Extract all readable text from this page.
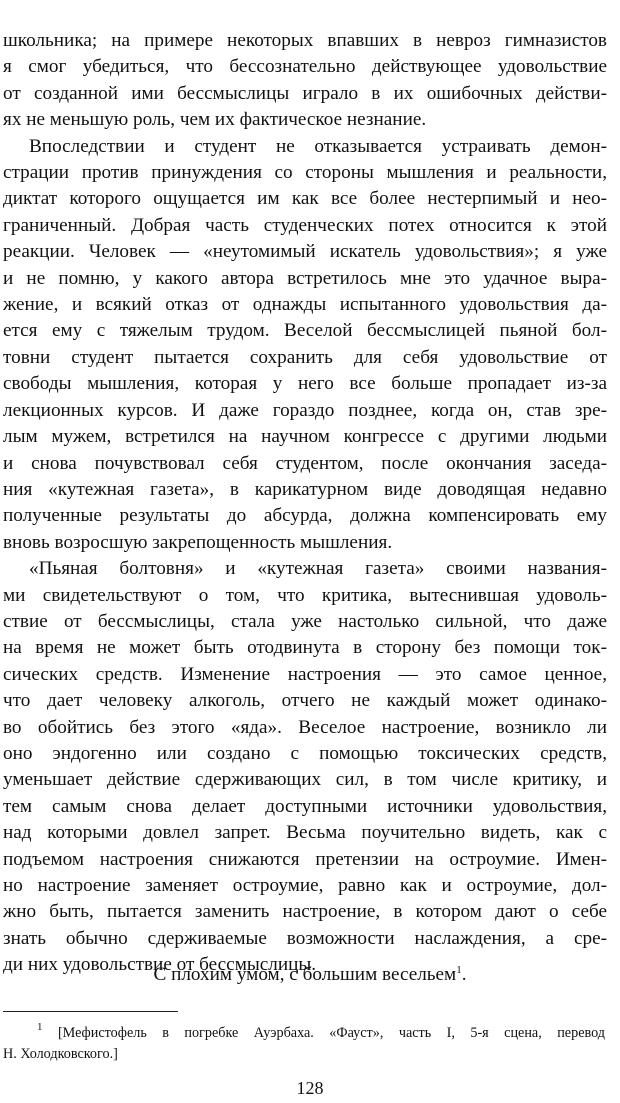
школьника; на примере некоторых впавших в невроз гимназистов
я смог убедиться, что бессознательно действующее удовольствие
от созданной ими бессмыслицы играло в их ошибочных действи-
ях не меньшую роль, чем их фактическое незнание.
Впоследствии и студент не отказывается устраивать демон-
страции против принуждения со стороны мышления и реальности,
диктат которого ощущается им как все более нестерпимый и нео-
граниченный. Добрая часть студенческих потех относится к этой
реакции. Человек — «неутомимый искатель удовольствия»; я уже
и не помню, у какого автора встретилось мне это удачное выра-
жение, и всякий отказ от однажды испытанного удовольствия да-
ется ему с тяжелым трудом. Веселой бессмыслицей пьяной бол-
товни студент пытается сохранить для себя удовольствие от
свободы мышления, которая у него все больше пропадает из-за
лекционных курсов. И даже гораздо позднее, когда он, став зре-
лым мужем, встретился на научном конгрессе с другими людьми
и снова почувствовал себя студентом, после окончания заседа-
ния «кутежная газета», в карикатурном виде доводящая недавно
полученные результаты до абсурда, должна компенсировать ему
вновь возросшую закрепощенность мышления.
«Пьяная болтовня» и «кутежная газета» своими названия-
ми свидетельствуют о том, что критика, вытеснившая удоволь-
ствие от бессмыслицы, стала уже настолько сильной, что даже
на время не может быть отодвинута в сторону без помощи ток-
сических средств. Изменение настроения — это самое ценное,
что дает человеку алкоголь, отчего не каждый может одинако-
во обойтись без этого «яда». Веселое настроение, возникло ли
оно эндогенно или создано с помощью токсических средств,
уменьшает действие сдерживающих сил, в том числе критику, и
тем самым снова делает доступными источники удовольствия,
над которыми довлел запрет. Весьма поучительно видеть, как с
подъемом настроения снижаются претензии на остроумие. Имен-
но настроение заменяет остроумие, равно как и остроумие, дол-
жно быть, пытается заменить настроение, в котором дают о себе
знать обычно сдерживаемые возможности наслаждения, а сре-
ди них удовольствие от бессмыслицы.
С плохим умом, с большим весельем$^1$.
$^1$ [Мефистофель в погребке Ауэрбаха. «Фауст», часть I, 5-я сцена, перевод
Н. Холодковского.]
128
